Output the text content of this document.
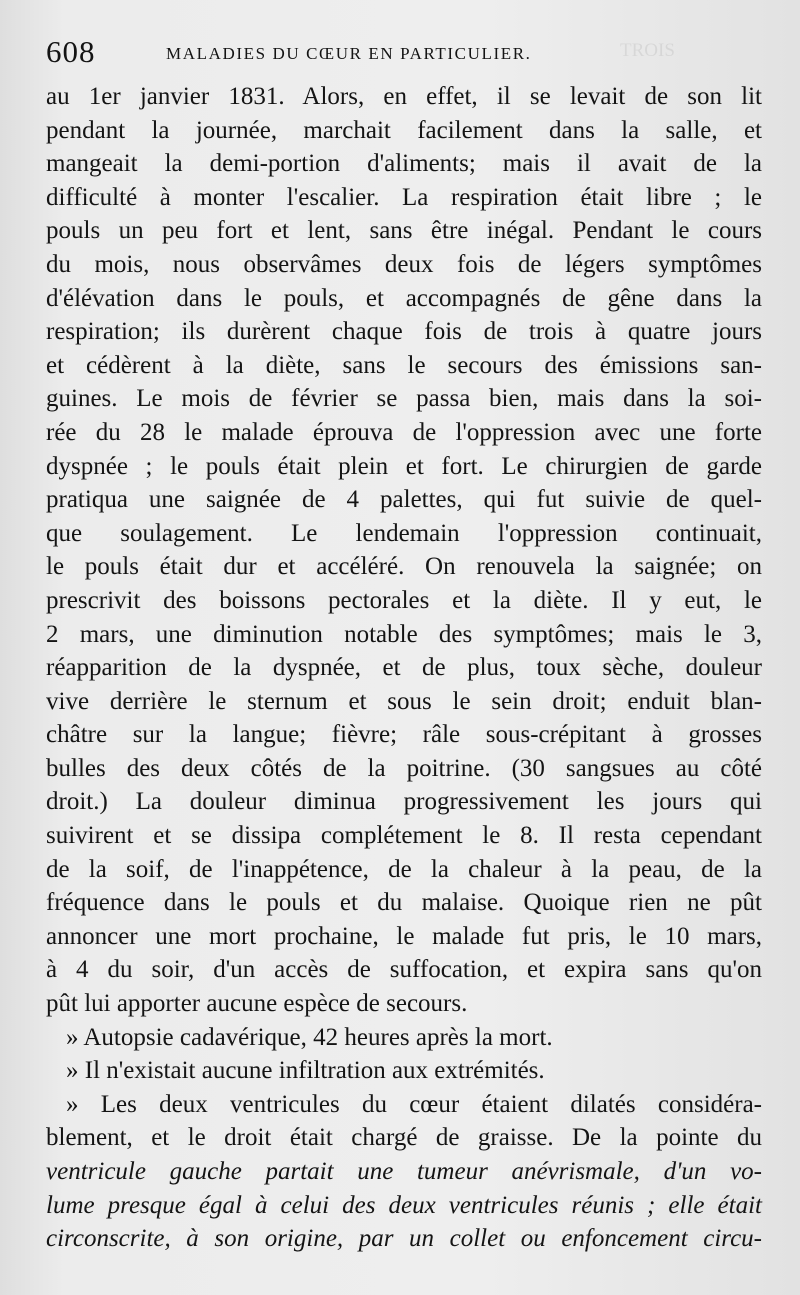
TROIS
608	MALADIES DU CŒUR EN PARTICULIER.
au 1er janvier 1831. Alors, en effet, il se levait de son lit
pendant la journée, marchait facilement dans la salle, et
mangeait la demi-portion d'aliments; mais il avait de la
difficulté à monter l'escalier. La respiration était libre ; le
pouls un peu fort et lent, sans être inégal. Pendant le cours
du mois, nous observâmes deux fois de légers symptômes
d'élévation dans le pouls, et accompagnés de gêne dans la
respiration; ils durèrent chaque fois de trois à quatre jours
et cédèrent à la diète, sans le secours des émissions san-
guines. Le mois de février se passa bien, mais dans la soi-
rée du 28 le malade éprouva de l'oppression avec une forte
dyspnée ; le pouls était plein et fort. Le chirurgien de garde
pratiqua une saignée de 4 palettes, qui fut suivie de quel-
que soulagement. Le lendemain l'oppression continuait,
le pouls était dur et accéléré. On renouvela la saignée; on
prescrivit des boissons pectorales et la diète. Il y eut, le
2 mars, une diminution notable des symptômes; mais le 3,
réapparition de la dyspnée, et de plus, toux sèche, douleur
vive derrière le sternum et sous le sein droit; enduit blan-
châtre sur la langue; fièvre; râle sous-crépitant à grosses
bulles des deux côtés de la poitrine. (30 sangsues au côté
droit.) La douleur diminua progressivement les jours qui
suivirent et se dissipa complétement le 8. Il resta cependant
de la soif, de l'inappétence, de la chaleur à la peau, de la
fréquence dans le pouls et du malaise. Quoique rien ne pût
annoncer une mort prochaine, le malade fut pris, le 10 mars,
à 4 du soir, d'un accès de suffocation, et expira sans qu'on
pût lui apporter aucune espèce de secours.
» Autopsie cadavérique, 42 heures après la mort.
» Il n'existait aucune infiltration aux extrémités.
» Les deux ventricules du cœur étaient dilatés considéra-
blement, et le droit était chargé de graisse. De la pointe du
ventricule gauche partait une tumeur anévrismale, d'un vo-
lume presque égal à celui des deux ventricules réunis ; elle était
circonscrite, à son origine, par un collet ou enfoncement circu-
